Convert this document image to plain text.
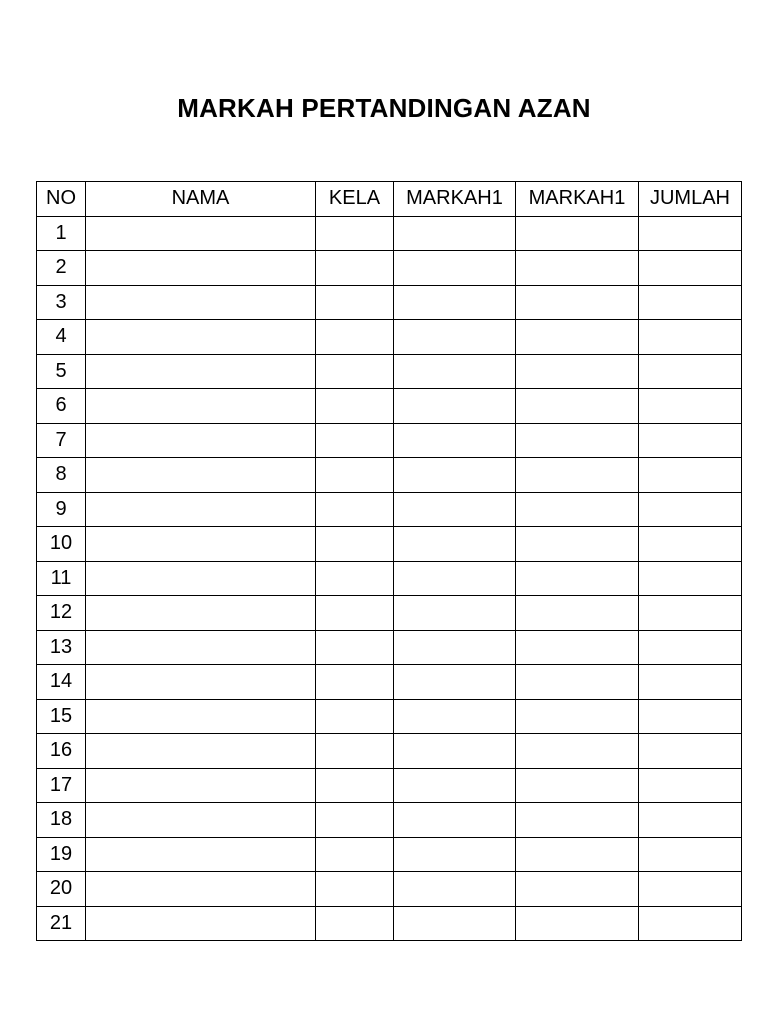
MARKAH PERTANDINGAN AZAN
NO	NAMA	KELA	MARKAH1	MARKAH1	JUMLAH
1					
2					
3					
4					
5					
6					
7					
8					
9					
10					
11					
12					
13					
14					
15					
16					
17					
18					
19					
20					
21					
